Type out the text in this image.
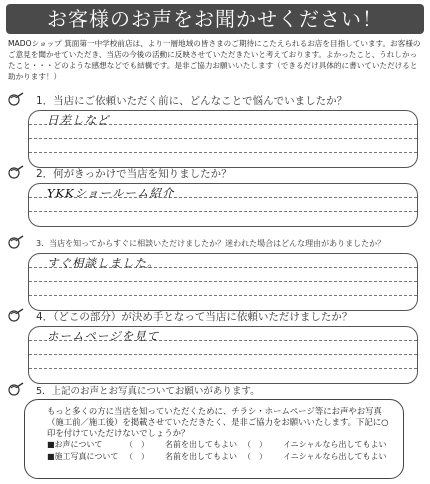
お客様のお声をお聞かせください！
MADOショップ 箕面第一中学校前店は、より一層地域の皆さまのご期待にこたえられるお店を目指しています。お客様のご意見を聞かせていただき、当店の今後の活動に反映させていただきたいと考えております。よかったこと、うれしかったこと・・・どのような感想などでも結構です。是非ご協力お願いいたします（できるだけ具体的に書いていただけると助かります！）
1．当店にご依頼いただく前に、どんなことで悩んでいましたか？
日差しなど
2．何がきっかけで当店を知りましたか？
YKKショールーム紹介
3．当店を知ってからすぐに相談いただけましたか？迷われた場合はどんな理由がありましたか？
すぐ相談しました。
4．（どこの部分）が決め手となって当店に依頼いただけましたか？
ホームページを見て
5．上記のお声とお写真についてお願いがあります。
もっと多くの方に当店を知っていただくために、チラシ・ホームページ等にお声やお写真（施工前／施工後）を掲載させていただきたく、是非ご協力をお願いいたします。下記に○印を付けていただけないでしょうか？
■お声について	（　）	名前を出してもよい （　）	イニシャルなら出してもよい
■施工写真について （　）	名前を出してもよい （　）	イニシャルなら出してもよい
